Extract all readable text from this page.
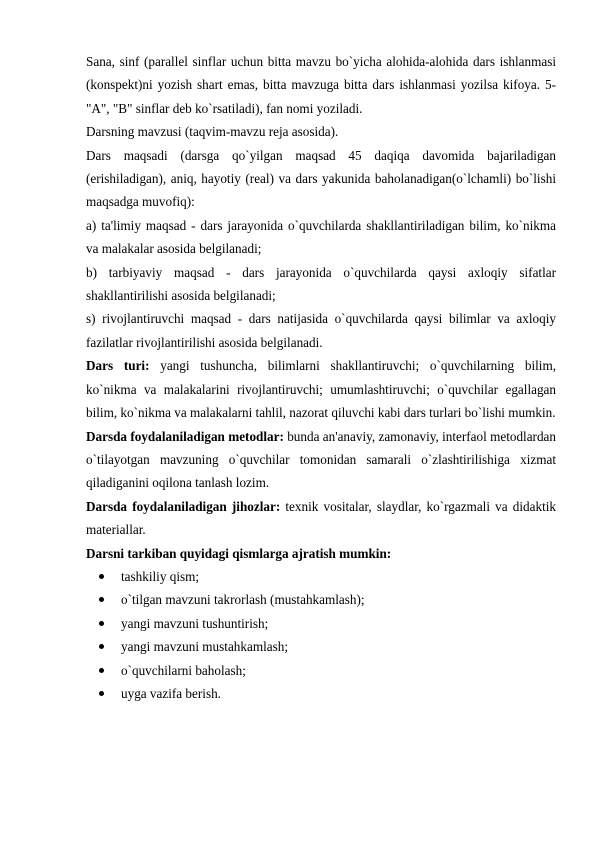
Sana, sinf (parallel sinflar uchun bitta mavzu bo`yicha alohida-alohida dars ishlanmasi (konspekt)ni yozish shart emas, bitta mavzuga bitta dars ishlanmasi yozilsa kifoya. 5-"A", "B" sinflar deb ko`rsatiladi), fan nomi yoziladi.

Darsning mavzusi (taqvim-mavzu reja asosida).

Dars maqsadi (darsga qo`yilgan maqsad 45 daqiqa davomida bajariladigan (erishiladigan), aniq, hayotiy (real) va dars yakunida baholanadigan(o`lchamli) bo`lishi maqsadga muvofiq):

a) ta'limiy maqsad - dars jarayonida o`quvchilarda shakllantiriladigan bilim, ko`nikma va malakalar asosida belgilanadi;

b) tarbiyaviy maqsad - dars jarayonida o`quvchilarda qaysi axloqiy sifatlar shakllantirilishi asosida belgilanadi;

s) rivojlantiruvchi maqsad - dars natijasida o`quvchilarda qaysi bilimlar va axloqiy fazilatlar rivojlantirilishi asosida belgilanadi.

Dars turi: yangi tushuncha, bilimlarni shakllantiruvchi; o`quvchilarning bilim, ko`nikma va malakalarini rivojlantiruvchi; umumlashtiruvchi; o`quvchilar egallagan bilim, ko`nikma va malakalarni tahlil, nazorat qiluvchi kabi dars turlari bo`lishi mumkin.

Darsda foydalaniladigan metodlar: bunda an'anaviy, zamonaviy, interfaol metodlardan o`tilayotgan mavzuning o`quvchilar tomonidan samarali o`zlashtirilishiga xizmat qiladiganini oqilona tanlash lozim.

Darsda foydalaniladigan jihozlar: texnik vositalar, slaydlar, ko`rgazmali va didaktik materiallar.

Darsni tarkiban quyidagi qismlarga ajratish mumkin:

tashkiliy qism;
o`tilgan mavzuni takrorlash (mustahkamlash);
yangi mavzuni tushuntirish;
yangi mavzuni mustahkamlash;
o`quvchilarni baholash;
uyga vazifa berish.
